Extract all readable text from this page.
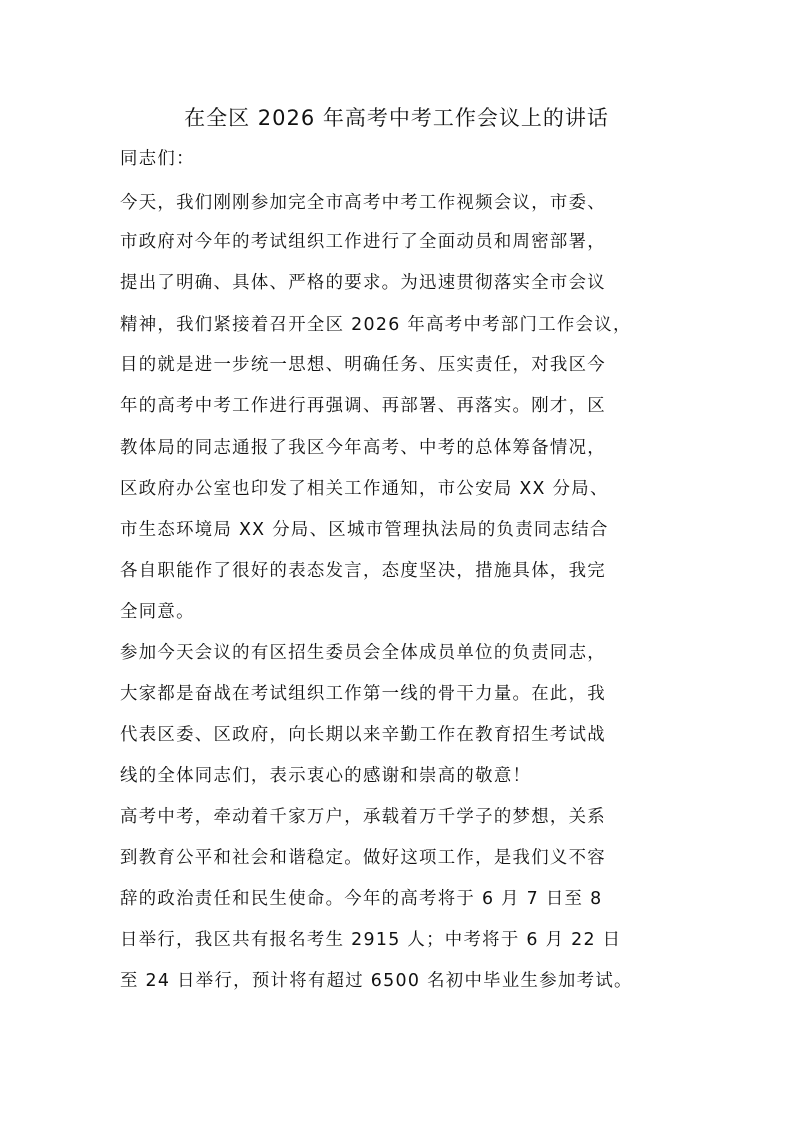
在全区 2026 年高考中考工作会议上的讲话
同志们：
今天，我们刚刚参加完全市高考中考工作视频会议，市委、
市政府对今年的考试组织工作进行了全面动员和周密部署，
提出了明确、具体、严格的要求。为迅速贯彻落实全市会议
精神，我们紧接着召开全区 2026 年高考中考部门工作会议，
目的就是进一步统一思想、明确任务、压实责任，对我区今
年的高考中考工作进行再强调、再部署、再落实。刚才，区
教体局的同志通报了我区今年高考、中考的总体筹备情况，
区政府办公室也印发了相关工作通知，市公安局 XX 分局、
市生态环境局 XX 分局、区城市管理执法局的负责同志结合
各自职能作了很好的表态发言，态度坚决，措施具体，我完
全同意。
参加今天会议的有区招生委员会全体成员单位的负责同志，
大家都是奋战在考试组织工作第一线的骨干力量。在此，我
代表区委、区政府，向长期以来辛勤工作在教育招生考试战
线的全体同志们，表示衷心的感谢和崇高的敬意！
高考中考，牵动着千家万户，承载着万千学子的梦想，关系
到教育公平和社会和谐稳定。做好这项工作，是我们义不容
辞的政治责任和民生使命。今年的高考将于 6 月 7 日至 8
日举行，我区共有报名考生 2915 人；中考将于 6 月 22 日
至 24 日举行，预计将有超过 6500 名初中毕业生参加考试。
